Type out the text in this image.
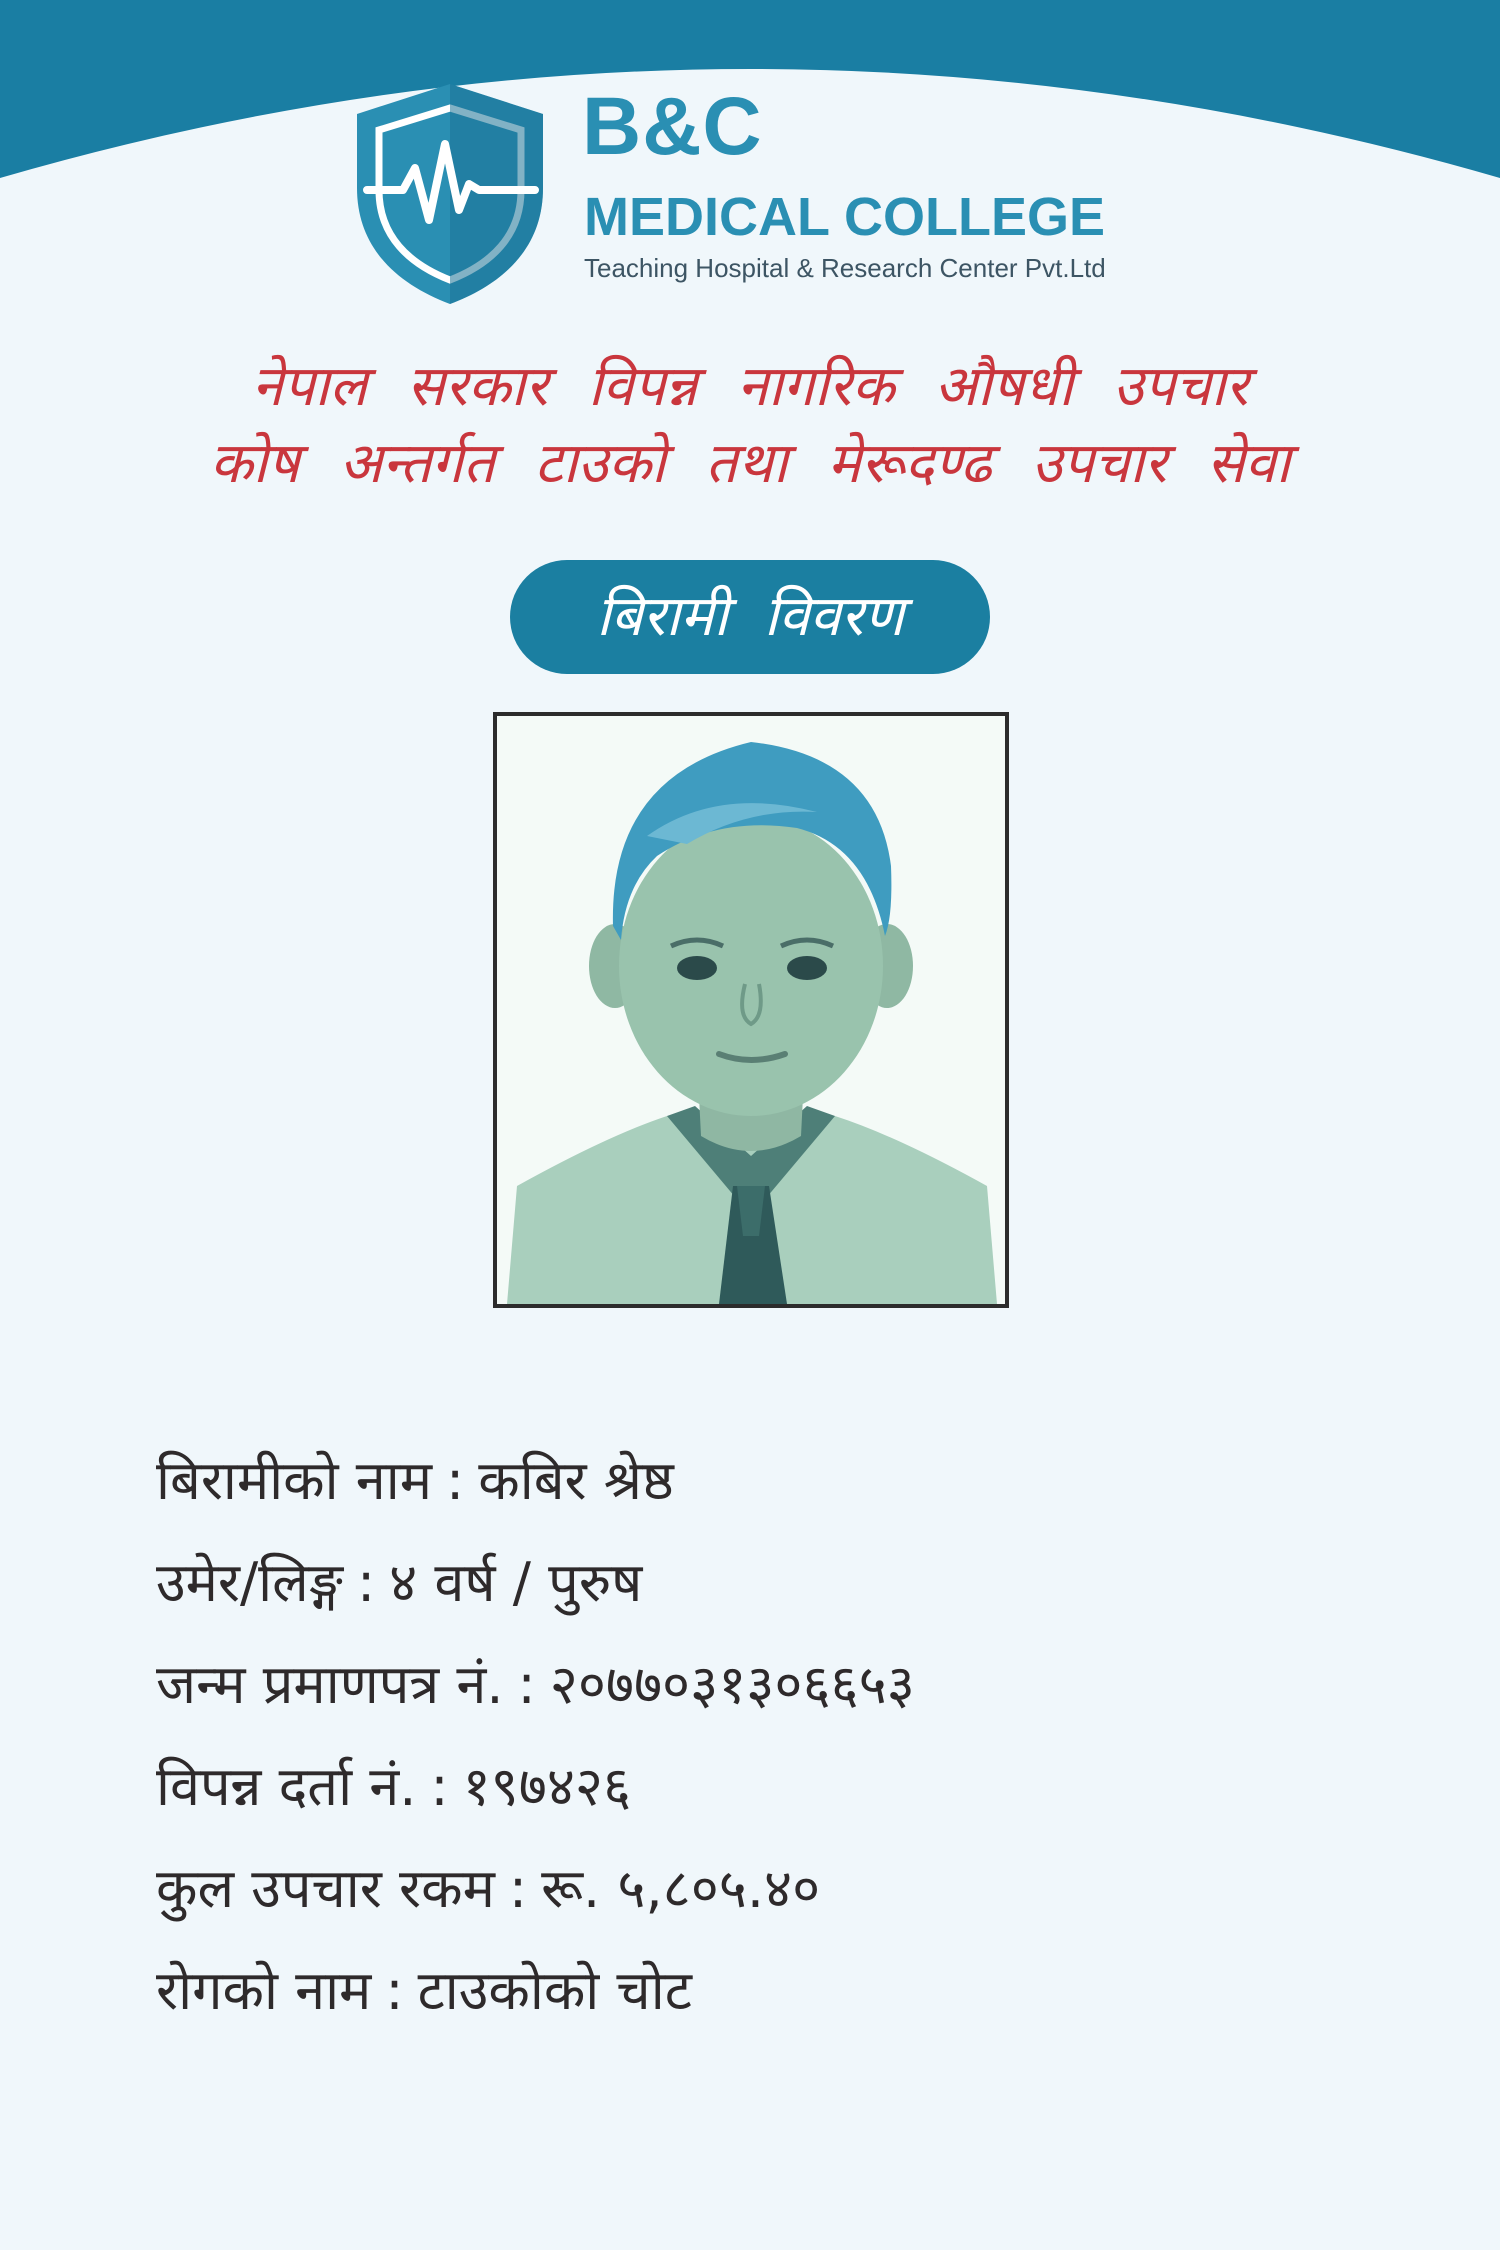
B&C
MEDICAL COLLEGE
Teaching Hospital & Research Center Pvt.Ltd
नेपाल सरकार विपन्न नागरिक औषधी उपचार
कोष अन्तर्गत टाउको तथा मेरूदण्ढ उपचार सेवा
बिरामी विवरण
बिरामीको नाम : कबिर श्रेष्ठ
उमेर/लिङ्ग : ४ वर्ष / पुरुष
जन्म प्रमाणपत्र नं. : २०७७०३१३०६६५३
विपन्न दर्ता नं. : १९७४२६
कुल उपचार रकम : रू. ५,८०५.४०
रोगको नाम : टाउकोको चोट
